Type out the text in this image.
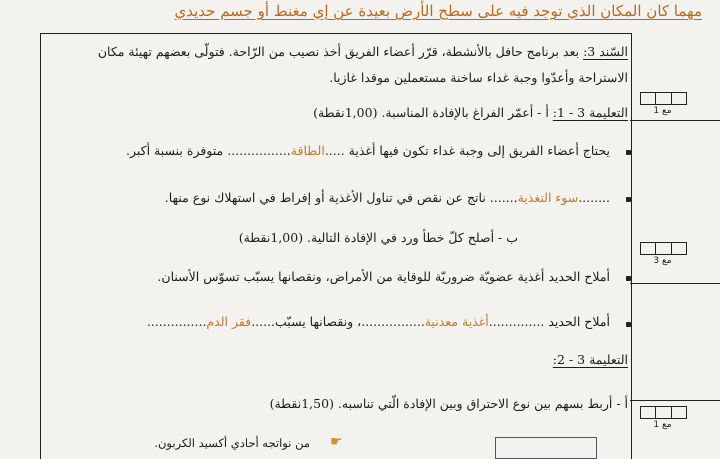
مهما كان المكان الذي توجد فيه على سطح الأرض بعيدة عن إي مغنط أو جسم حديدي
السّند 3: بعد برنامج حافل بالأنشطة، قرّر أعضاء الفريق أخذ نصيب من الرّاحة. فتولّى بعضهم تهيئة مكان
الاستراحة وأعدّوا وجبة غداء ساخنة مستعملين موقدا غازيا.
التعليمة 3 - 1: أ - أعمّر الفراغ بالإفادة المناسبة. (1,00نقطة)
يحتاج أعضاء الفريق إلى وجبة غداء تكون فيها أغذية .....الطاقة................ متوفرة بنسبة أكبر.
........سوء التغذية....... ناتج عن نقص في تناول الأغذية أو إفراط في استهلاك نوع منها.
ب - أصلح كلّ خطأ ورد في الإفادة التالية. (1,00نقطة)
أملاح الحديد أغذية عضويّة ضروريّة للوقاية من الأمراض، ونقصانها يسبّب تسوّس الأسنان.
أملاح الحديد ..............أغذية معدنية................، ونقصانها يسبّب......فقر الدم...............
التعليمة 3 - 2:
أ - أربط بسهم بين نوع الاحتراق وبين الإفادة الّتي تناسبه. (1,50نقطة)
☛
من نواتجه أحادي أكسيد الكربون.
مع 1
مع 3
مع 1
